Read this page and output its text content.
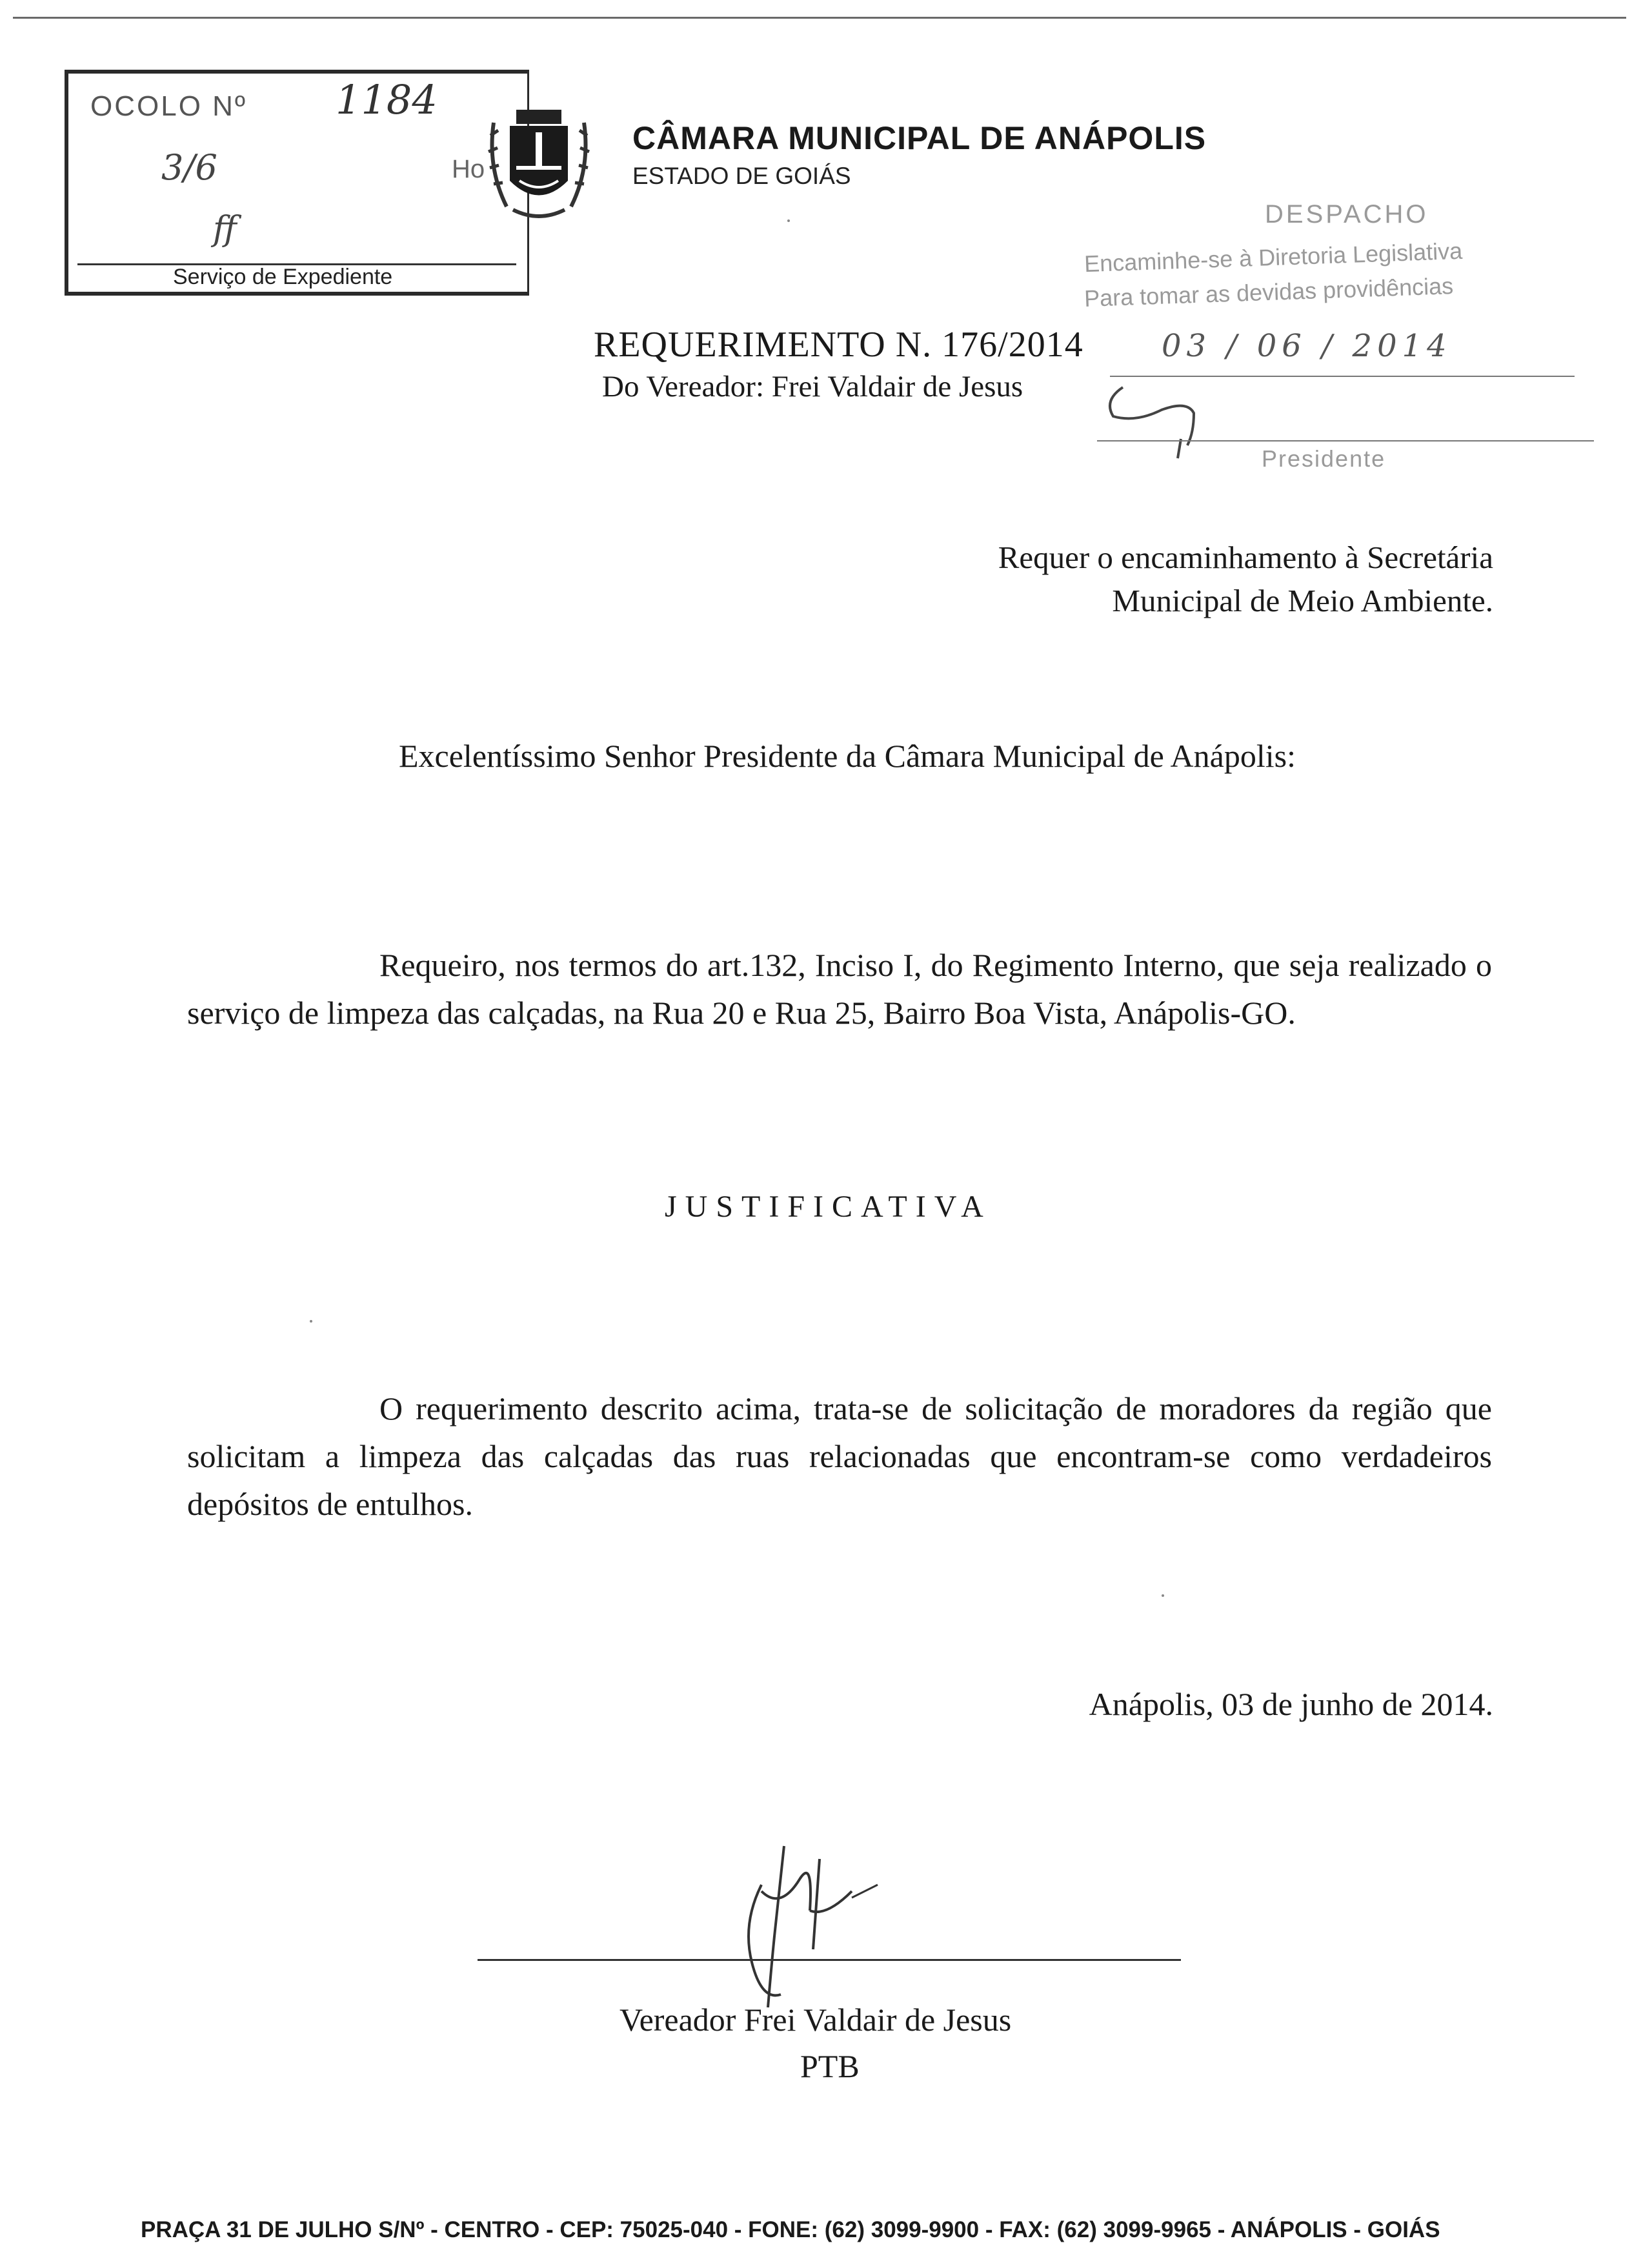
OCOLO Nº 1184
3/6	Ho
ff
Serviço de Expediente
CÂMARA MUNICIPAL DE ANÁPOLIS
ESTADO DE GOIÁS
DESPACHO
Encaminhe-se à Diretoria Legislativa
Para tomar as devidas providências
03 / 06 / 2014
Presidente
REQUERIMENTO N. 176/2014
Do Vereador: Frei Valdair de Jesus
Requer o encaminhamento à Secretária
Municipal de Meio Ambiente.
Excelentíssimo Senhor Presidente da Câmara Municipal de Anápolis:

Requeiro, nos termos do art.132, Inciso I, do Regimento Interno, que seja realizado o serviço de limpeza das calçadas, na Rua 20 e Rua 25, Bairro Boa Vista, Anápolis-GO.

JUSTIFICATIVA

O requerimento descrito acima, trata-se de solicitação de moradores da região que solicitam a limpeza das calçadas das ruas relacionadas que encontram-se como verdadeiros depósitos de entulhos.

Anápolis, 03 de junho de 2014.
Vereador Frei Valdair de Jesus
PTB
PRAÇA 31 DE JULHO S/Nº - CENTRO - CEP: 75025-040 - FONE: (62) 3099-9900 - FAX: (62) 3099-9965 - ANÁPOLIS - GOIÁS
